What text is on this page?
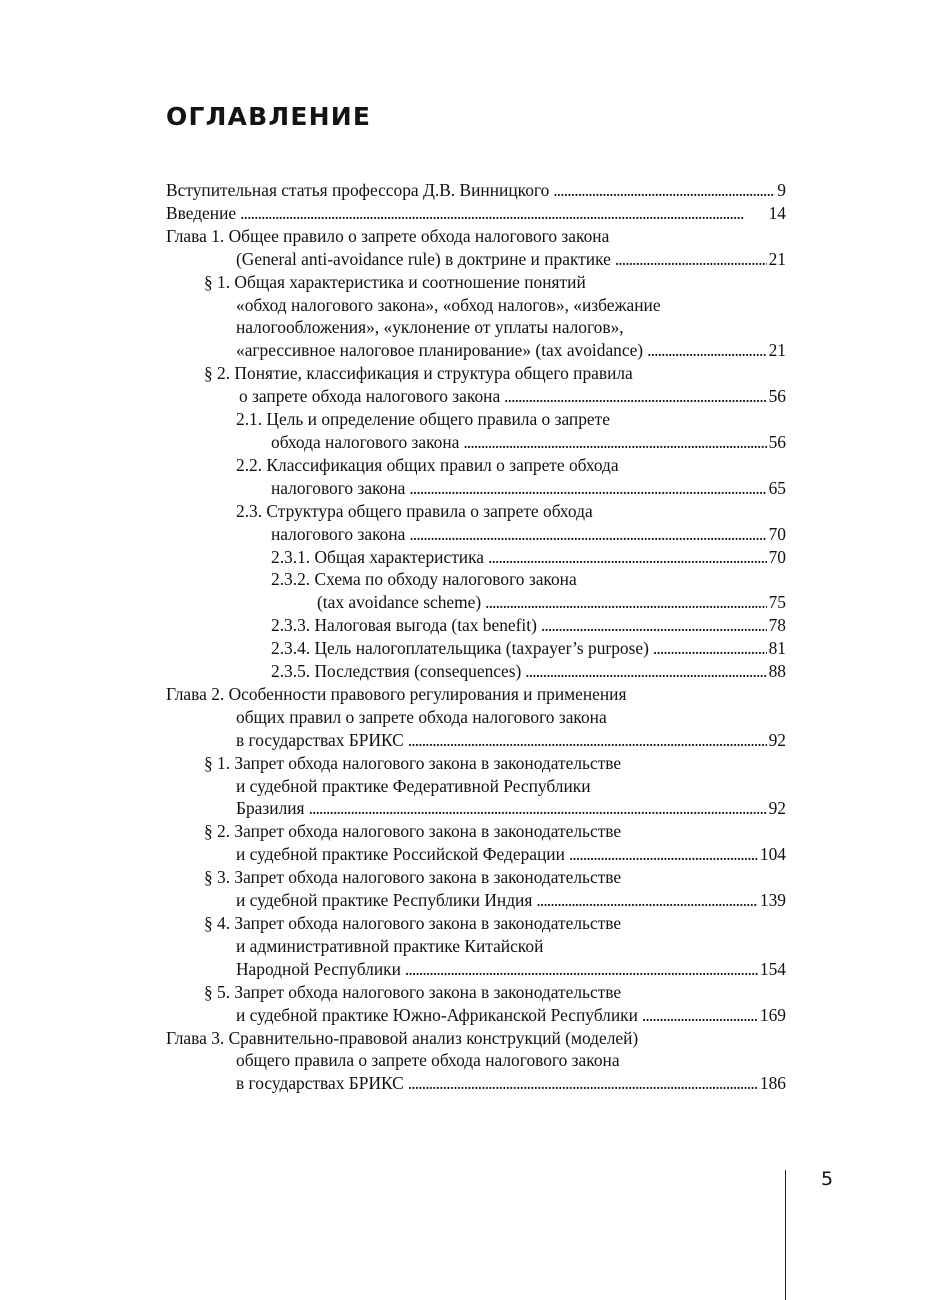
ОГЛАВЛЕНИЕ
Вступительная статья профессора Д.В. Винницкого . . .	9
Введение . . .	14
Глава 1. Общее правило о запрете обхода налогового закона
(General anti-avoidance rule) в доктрине и практике . . .	21
§ 1. Общая характеристика и соотношение понятий
«обход налогового закона», «обход налогов», «избежание
налогообложения», «уклонение от уплаты налогов»,
«агрессивное налоговое планирование» (tax avoidance) . . .	21
§ 2. Понятие, классификация и структура общего правила
о запрете обхода налогового закона . . .	56
2.1. Цель и определение общего правила о запрете
обхода налогового закона . . .	56
2.2. Классификация общих правил о запрете обхода
налогового закона . . .	65
2.3. Структура общего правила о запрете обхода
налогового закона . . .	70
2.3.1. Общая характеристика . . .	70
2.3.2. Схема по обходу налогового закона
(tax avoidance scheme) . . .	75
2.3.3. Налоговая выгода (tax benefit) . . .	78
2.3.4. Цель налогоплательщика (taxpayer’s purpose) . . .	81
2.3.5. Последствия (consequences) . . .	88
Глава 2. Особенности правового регулирования и применения
общих правил о запрете обхода налогового закона
в государствах БРИКС . . .	92
§ 1. Запрет обхода налогового закона в законодательстве
и судебной практике Федеративной Республики
Бразилия . . .	92
§ 2. Запрет обхода налогового закона в законодательстве
и судебной практике Российской Федерации . . .	104
§ 3. Запрет обхода налогового закона в законодательстве
и судебной практике Республики Индия . . .	139
§ 4. Запрет обхода налогового закона в законодательстве
и административной практике Китайской
Народной Республики . . .	154
§ 5. Запрет обхода налогового закона в законодательстве
и судебной практике Южно-Африканской Республики . . .	169
Глава 3. Сравнительно-правовой анализ конструкций (моделей)
общего правила о запрете обхода налогового закона
в государствах БРИКС . . .	186
5
